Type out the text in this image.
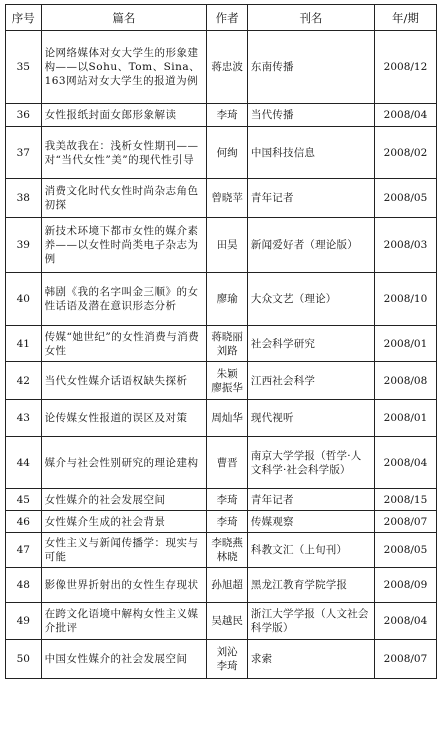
序号	篇名	作者	刊名	年/期
35	论网络媒体对女大学生的形象建构——以Sohu、Tom、Sina、163网站对女大学生的报道为例	蒋忠波	东南传播	2008/12
36	女性报纸封面女郎形象解读	李琦	当代传播	2008/04
37	我美故我在：浅析女性期刊——对“当代女性”美”的现代性引导	何绚	中国科技信息	2008/02
38	消费文化时代女性时尚杂志角色初探	曾晓苹	青年记者	2008/05
39	新技术环境下都市女性的媒介素养——以女性时尚类电子杂志为例	田昊	新闻爱好者（理论版）	2008/03
40	韩剧《我的名字叫金三顺》的女性话语及潜在意识形态分析	廖瑜	大众文艺（理论）	2008/10
41	传媒“她世纪”的女性消费与消费女性	蒋晓丽 刘路	社会科学研究	2008/01
42	当代女性媒介话语权缺失探析	朱颖 廖振华	江西社会科学	2008/08
43	论传媒女性报道的误区及对策	周灿华	现代视听	2008/01
44	媒介与社会性别研究的理论建构	曹晋	南京大学学报（哲学·人文科学·社会科学版）	2008/04
45	女性媒介的社会发展空间	李琦	青年记者	2008/15
46	女性媒介生成的社会背景	李琦	传媒观察	2008/07
47	女性主义与新闻传播学：现实与可能	李晓燕 林晓	科教文汇（上旬刊）	2008/05
48	影像世界折射出的女性生存现状	孙旭超	黑龙江教育学院学报	2008/09
49	在跨文化语境中解构女性主义媒介批评	吴越民	浙江大学学报（人文社会科学版）	2008/04
50	中国女性媒介的社会发展空间	刘沁 李琦	求索	2008/07
